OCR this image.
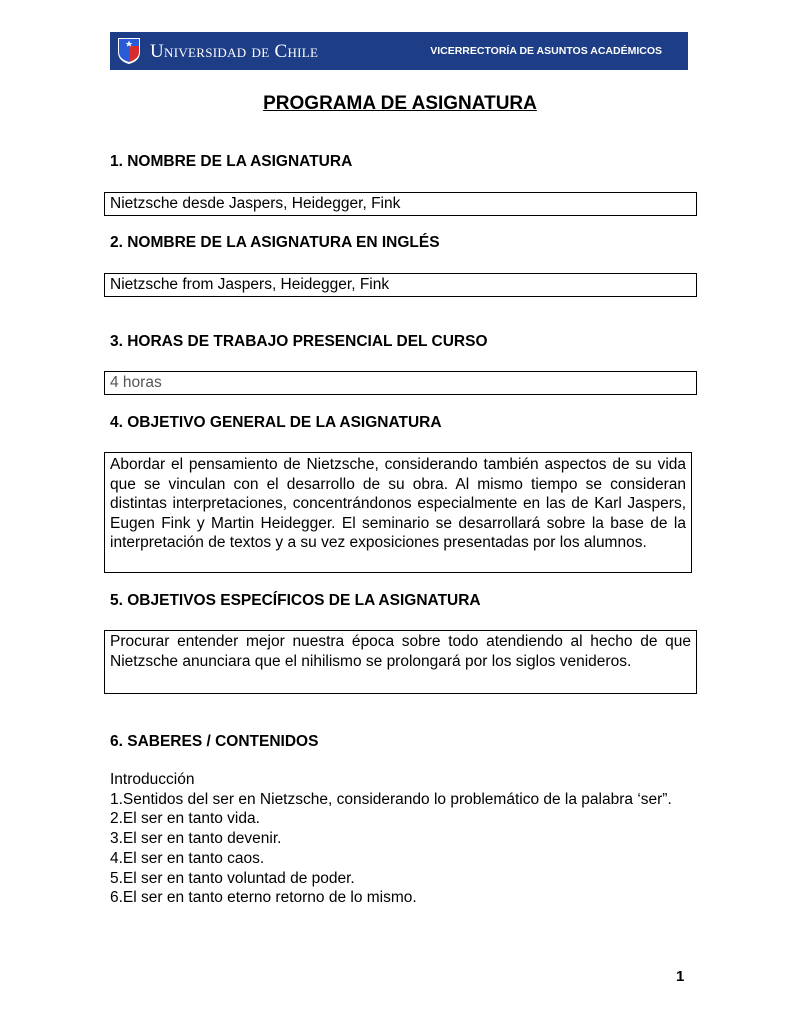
Universidad de Chile	VICERRECTORÍA DE ASUNTOS ACADÉMICOS
PROGRAMA DE ASIGNATURA
1. NOMBRE DE LA ASIGNATURA
Nietzsche desde Jaspers, Heidegger, Fink
2. NOMBRE DE LA ASIGNATURA EN INGLÉS
Nietzsche from Jaspers, Heidegger, Fink
3. HORAS DE TRABAJO PRESENCIAL DEL CURSO
4 horas
4. OBJETIVO GENERAL DE LA ASIGNATURA
Abordar el pensamiento de Nietzsche, considerando también aspectos de su vida que se vinculan con el desarrollo de su obra. Al mismo tiempo se consideran distintas interpretaciones, concentrándonos especialmente en las de Karl Jaspers, Eugen Fink y Martin Heidegger. El seminario se desarrollará sobre la base de la interpretación de textos y a su vez exposiciones presentadas por los alumnos.
5. OBJETIVOS ESPECÍFICOS DE LA ASIGNATURA
Procurar entender mejor nuestra época sobre todo atendiendo al hecho de que Nietzsche anunciara que el nihilismo se prolongará por los siglos venideros.
6. SABERES / CONTENIDOS
Introducción
1.Sentidos del ser en Nietzsche, considerando lo problemático de la palabra ‘ser”.
2.El ser en tanto vida.
3.El ser en tanto devenir.
4.El ser en tanto caos.
5.El ser en tanto voluntad de poder.
6.El ser en tanto eterno retorno de lo mismo.
1
